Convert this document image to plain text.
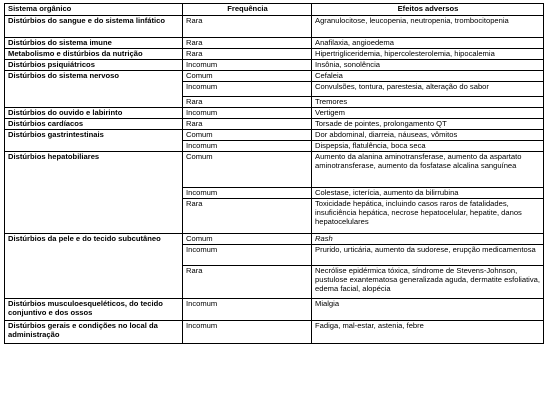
Sistema orgânico	Frequência	Efeitos adversos
Distúrbios do sangue e do sistema linfático	Rara	Agranulocitose, leucopenia, neutropenia, trombocitopenia
Distúrbios do sistema imune	Rara	Anafilaxia, angioedema
Metabolismo e distúrbios da nutrição	Rara	Hipertrigliceridemia, hipercolesterolemia, hipocalemia
Distúrbios psiquiátricos	Incomum	Insônia, sonolência
Distúrbios do sistema nervoso	Comum	Cefaleia
	Incomum	Convulsões, tontura, parestesia, alteração do sabor
	Rara	Tremores
Distúrbios do ouvido e labirinto	Incomum	Vertigem
Distúrbios cardíacos	Rara	Torsade de pointes, prolongamento QT
Distúrbios gastrintestinais	Comum	Dor abdominal, diarreia, náuseas, vômitos
	Incomum	Dispepsia, flatulência, boca seca
Distúrbios hepatobiliares	Comum	Aumento da alanina aminotransferase, aumento da aspartato aminotransferase, aumento da fosfatase alcalina sanguínea
	Incomum	Colestase, icterícia, aumento da bilirrubina
	Rara	Toxicidade hepática, incluindo casos raros de fatalidades, insuficiência hepática, necrose hepatocelular, hepatite, danos hepatocelulares
Distúrbios da pele e do tecido subcutâneo	Comum	Rash
	Incomum	Prurido, urticária, aumento da sudorese, erupção medicamentosa
	Rara	Necrólise epidérmica tóxica, síndrome de Stevens-Johnson, pustulose exantematosa generalizada aguda, dermatite esfoliativa, edema facial, alopécia
Distúrbios musculoesqueléticos, do tecido conjuntivo e dos ossos	Incomum	Mialgia
Distúrbios gerais e condições no local da administração	Incomum	Fadiga, mal-estar, astenia, febre
